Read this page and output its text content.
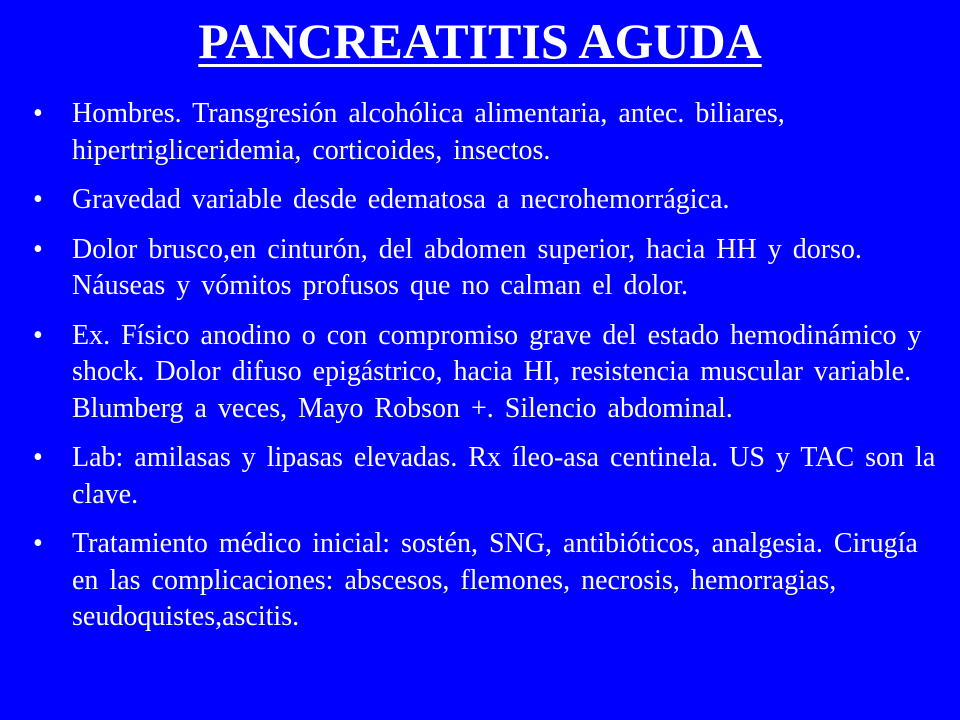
PANCREATITIS AGUDA
• Hombres. Transgresión alcohólica alimentaria, antec. biliares, hipertrigliceridemia, corticoides, insectos.
• Gravedad variable desde edematosa a necrohemorrágica.
• Dolor brusco,en cinturón, del abdomen superior, hacia HH y dorso. Náuseas y vómitos profusos que no calman el dolor.
• Ex. Físico anodino o con compromiso grave del estado hemodinámico y shock. Dolor difuso epigástrico, hacia HI, resistencia muscular variable. Blumberg a veces, Mayo Robson +. Silencio abdominal.
• Lab: amilasas y lipasas elevadas. Rx íleo-asa centinela. US y TAC son la clave.
• Tratamiento médico inicial: sostén, SNG, antibióticos, analgesia. Cirugía en las complicaciones: abscesos, flemones, necrosis, hemorragias, seudoquistes,ascitis.
